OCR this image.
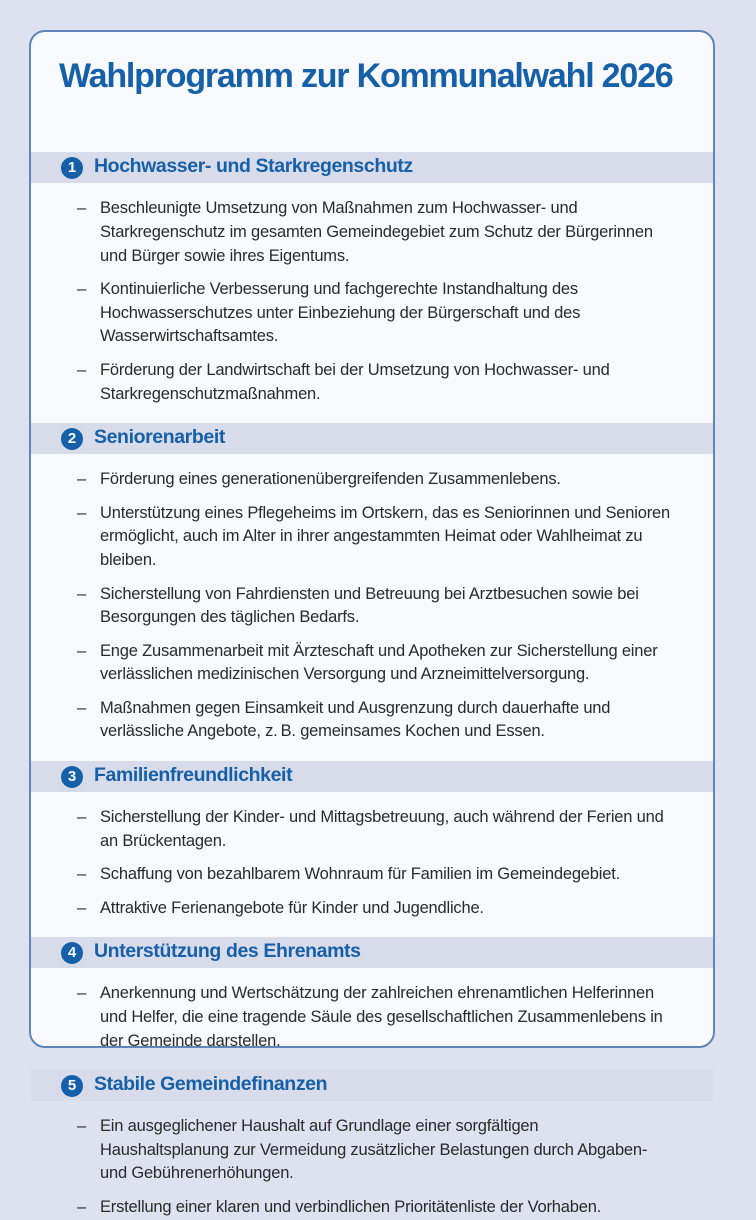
Wahlprogramm zur Kommunalwahl 2026
1 Hochwasser- und Starkregenschutz
– Beschleunigte Umsetzung von Maßnahmen zum Hochwasser- und Starkregenschutz im gesamten Gemeindegebiet zum Schutz der Bürgerinnen und Bürger sowie ihres Eigentums.
– Kontinuierliche Verbesserung und fachgerechte Instandhaltung des Hochwasserschutzes unter Einbeziehung der Bürgerschaft und des Wasserwirtschaftsamtes.
– Förderung der Landwirtschaft bei der Umsetzung von Hochwasser- und Starkregenschutzmaßnahmen.
2 Seniorenarbeit
– Förderung eines generationenübergreifenden Zusammenlebens.
– Unterstützung eines Pflegeheims im Ortskern, das es Seniorinnen und Senioren ermöglicht, auch im Alter in ihrer angestammten Heimat oder Wahlheimat zu bleiben.
– Sicherstellung von Fahrdiensten und Betreuung bei Arztbesuchen sowie bei Besorgungen des täglichen Bedarfs.
– Enge Zusammenarbeit mit Ärzteschaft und Apotheken zur Sicherstellung einer verlässlichen medizinischen Versorgung und Arzneimittelversorgung.
– Maßnahmen gegen Einsamkeit und Ausgrenzung durch dauerhafte und verlässliche Angebote, z. B. gemeinsames Kochen und Essen.
3 Familienfreundlichkeit
– Sicherstellung der Kinder- und Mittagsbetreuung, auch während der Ferien und an Brückentagen.
– Schaffung von bezahlbarem Wohnraum für Familien im Gemeindegebiet.
– Attraktive Ferienangebote für Kinder und Jugendliche.
4 Unterstützung des Ehrenamts
– Anerkennung und Wertschätzung der zahlreichen ehrenamtlichen Helferinnen und Helfer, die eine tragende Säule des gesellschaftlichen Zusammenlebens in der Gemeinde darstellen.
5 Stabile Gemeindefinanzen
– Ein ausgeglichener Haushalt auf Grundlage einer sorgfältigen Haushaltsplanung zur Vermeidung zusätzlicher Belastungen durch Abgaben- und Gebührenerhöhungen.
– Erstellung einer klaren und verbindlichen Prioritätenliste der Vorhaben.
